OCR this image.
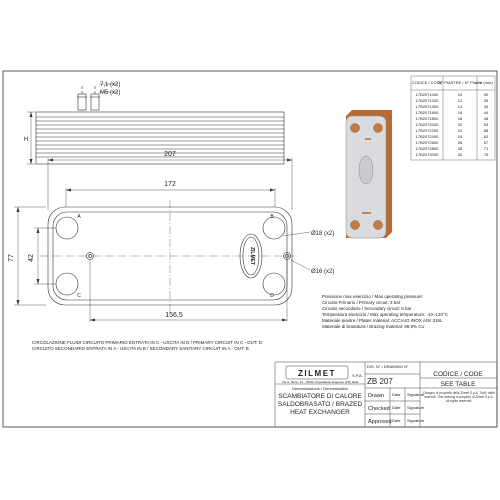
7,1 (x2)
M5 (x2)
H
ZILMET
207
172
77 42
156,5
Ø18 (x2)
Ø16 (x2)
A	B
C	D
CODICE / CODE
N° PIASTRE / N° Plates
H (mm)
17B2071000	10	30
17B2071200	12	35
17B2071400	14	39
17B2071600	16	44
17B2071800	18	48
17B2072000	20	53
17B2072200	22	58
17B2072400	24	62
17B2072600	26	67
17B2072800	28	71
17B2073000	30	75
Pressione max esercizio / Max operating pressure:
Circuito Primario / Primary circuit: 3 bar
Circuito secondario / Secondary circuit: 8 bar
Temperatura esercizio / Max operating temperature: -10÷120°C
Materiale piastre / Plates material: ACCIAIO INOX AISI 316L
Materiale di brasatura / Brazing material: 99,9% Cu
CIRCOLAZIONE FLUIDI CIRCUITO PRIMARIO ENTRATA IN C - USCITA IN D / PRIMARY CIRCUIT IN C - OUT: D
CIRCUITO SECONDARIO ENTRATA IN A - USCITA IN B / SECONDARY SANITARY CIRCUIT IN A - OUT: B
ZILMET	S.P.A.
Via G. Berto, 51 - 35010 Ospedaletto Euganeo (PD) Italia
Denominazione / Denomination
SCAMBIATORE DI CALORE
SALDOBRASATO / BRAZED
HEAT EXCHANGER
DIS. N° / DRAWING N°
ZB 207
CODICE / CODE
SEE TABLE
Drawn Date Signature
Checked Date Signature
Approved Date Signature
Disegno di proprietà della Zilmet S.p.A. Tutti i diritti riservati. This drawing is property of Zilmet S.p.A. All rights reserved.
